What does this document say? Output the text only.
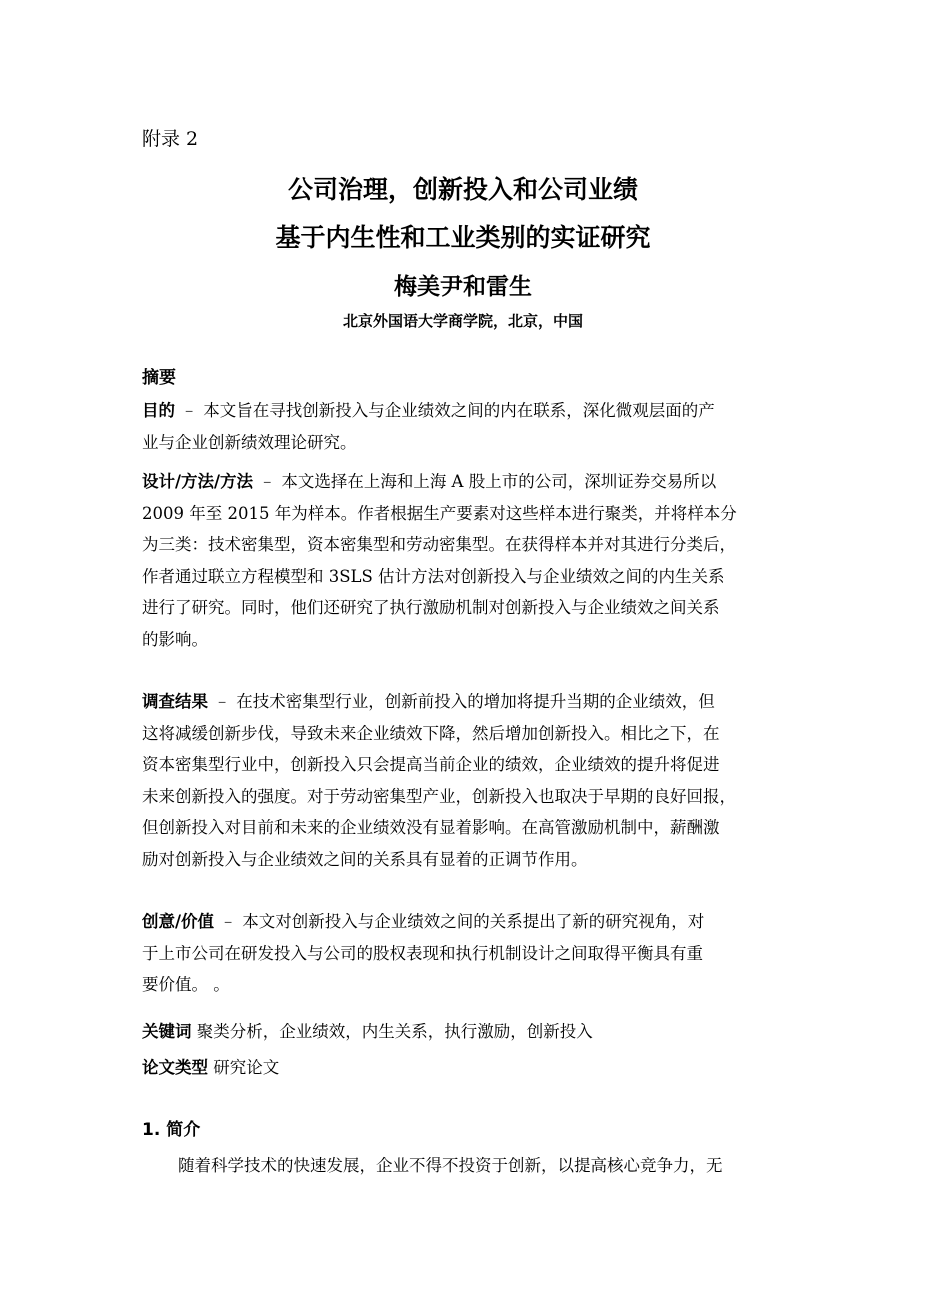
附录 2
公司治理，创新投入和公司业绩
基于内生性和工业类别的实证研究
梅美尹和雷生
北京外国语大学商学院，北京，中国
摘要
目的 – 本文旨在寻找创新投入与企业绩效之间的内在联系，深化微观层面的产
业与企业创新绩效理论研究。
设计/方法/方法 – 本文选择在上海和上海 A 股上市的公司，深圳证券交易所以
2009 年至 2015 年为样本。作者根据生产要素对这些样本进行聚类，并将样本分
为三类：技术密集型，资本密集型和劳动密集型。在获得样本并对其进行分类后，
作者通过联立方程模型和 3SLS 估计方法对创新投入与企业绩效之间的内生关系
进行了研究。同时，他们还研究了执行激励机制对创新投入与企业绩效之间关系
的影响。
调查结果 – 在技术密集型行业，创新前投入的增加将提升当期的企业绩效，但
这将减缓创新步伐，导致未来企业绩效下降，然后增加创新投入。相比之下，在
资本密集型行业中，创新投入只会提高当前企业的绩效，企业绩效的提升将促进
未来创新投入的强度。对于劳动密集型产业，创新投入也取决于早期的良好回报，
但创新投入对目前和未来的企业绩效没有显着影响。在高管激励机制中，薪酬激
励对创新投入与企业绩效之间的关系具有显着的正调节作用。
创意/价值 – 本文对创新投入与企业绩效之间的关系提出了新的研究视角，对
于上市公司在研发投入与公司的股权表现和执行机制设计之间取得平衡具有重
要价值。 。
关键词 聚类分析，企业绩效，内生关系，执行激励，创新投入
论文类型 研究论文
1. 简介
随着科学技术的快速发展，企业不得不投资于创新，以提高核心竞争力，无
